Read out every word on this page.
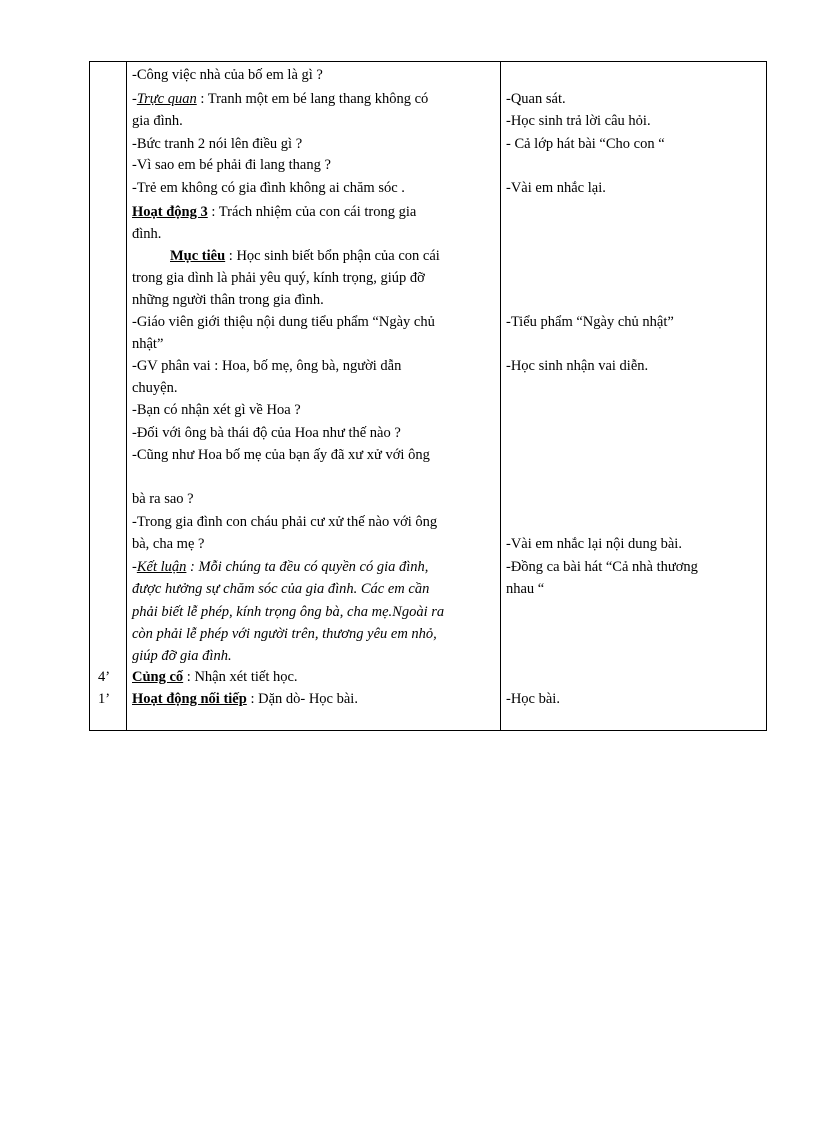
4’
1’
-Công việc nhà của bố em là gì ?
-Trực quan : Tranh một em bé lang thang không có
gia đình.
-Bức tranh 2 nói lên điều gì ?
-Vì sao em bé phải đi lang thang ?
-Trẻ em không có gia đình không ai chăm sóc .
Hoạt động 3 : Trách nhiệm của con cái trong gia
đình.
Mục tiêu : Học sinh biết bổn phận của con cái
trong gia dình là phải yêu quý, kính trọng, giúp đỡ
những người thân trong gia đình.
-Giáo viên giới thiệu nội dung tiểu phẩm “Ngày chủ
nhật”
-GV phân vai : Hoa, bố mẹ, ông bà, người dẫn
chuyện.
-Bạn có nhận xét gì về Hoa ?
-Đối với ông bà thái độ của Hoa như thế nào ?
-Cũng như Hoa bố mẹ của bạn ấy đã xư xử với ông
bà ra sao ?
-Trong gia đình con cháu phải cư xử thế nào với ông
bà, cha mẹ ?
-Kết luận : Mỗi chúng ta đều có quyền có gia đình,
được hưởng sự chăm sóc của gia đình. Các em cần
phải biết lễ phép, kính trọng ông bà, cha mẹ.Ngoài ra
còn phải lễ phép với người trên, thương yêu em nhỏ,
giúp đỡ gia đình.
Củng cố : Nhận xét tiết học.
Hoạt động nối tiếp : Dặn dò- Học bài.
-Quan sát.
-Học sinh trả lời câu hỏi.
- Cả lớp hát bài “Cho con “
-Vài em nhắc lại.
-Tiểu phẩm “Ngày chủ nhật”
-Học sinh nhận vai diễn.
-Vài em nhắc lại nội dung bài.
-Đồng ca bài hát “Cả nhà thương
nhau “
-Học bài.
